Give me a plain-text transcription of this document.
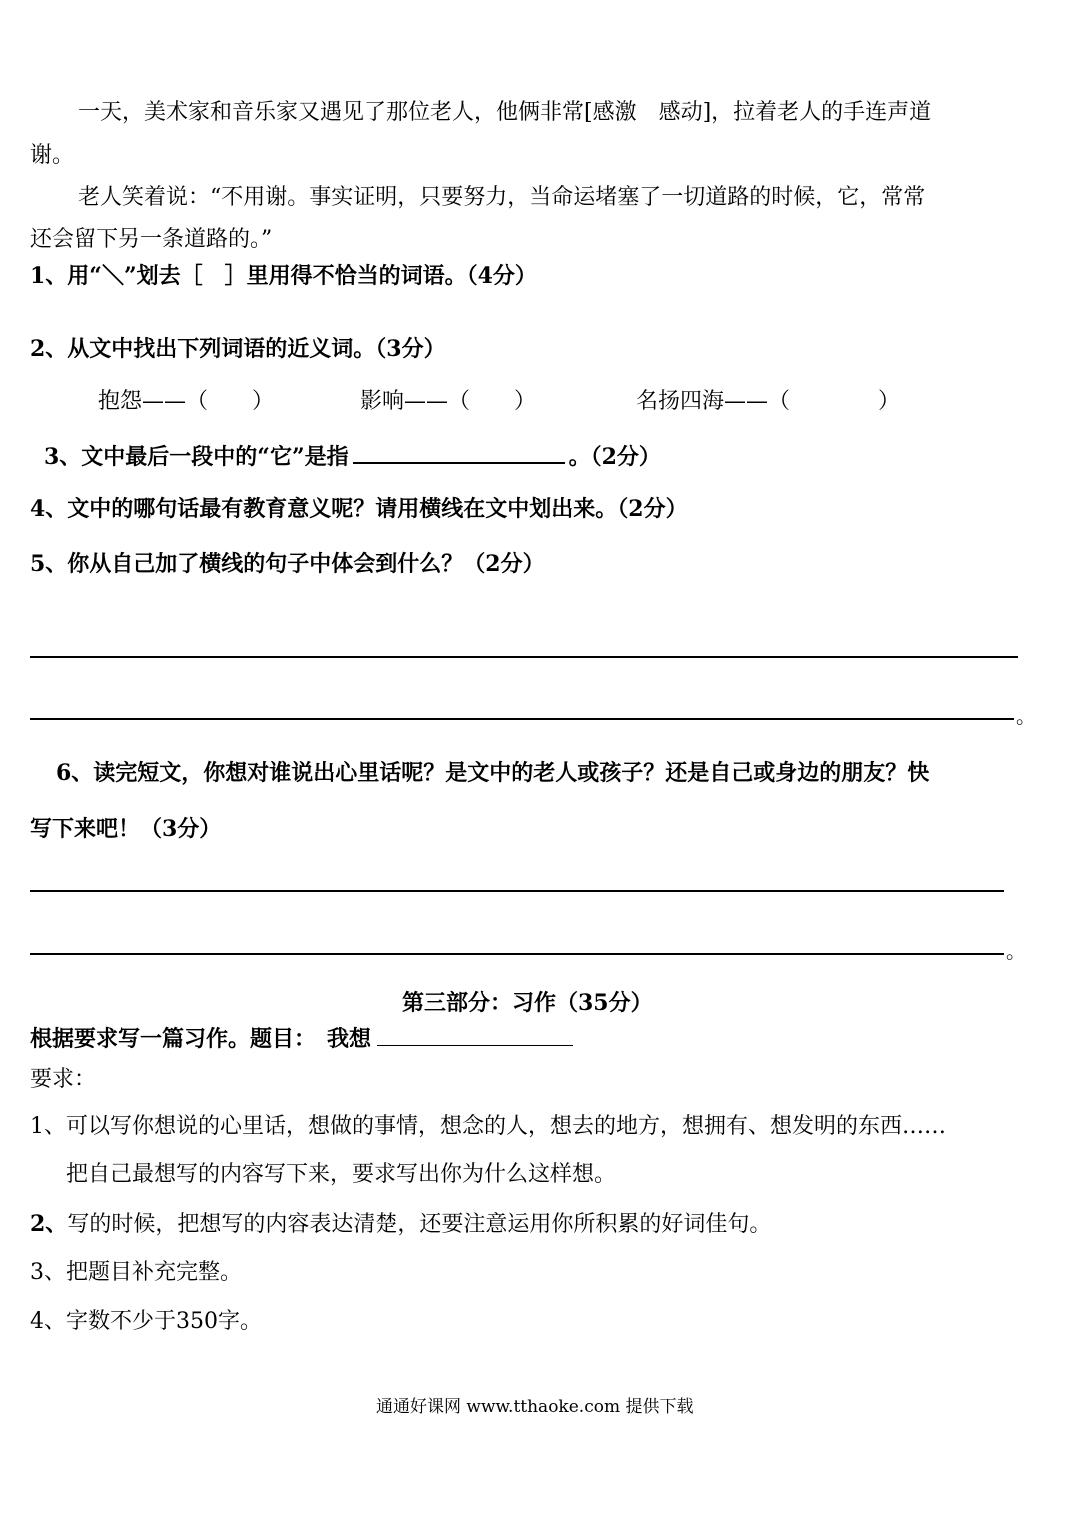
一天，美术家和音乐家又遇见了那位老人，他俩非常[感激　感动]，拉着老人的手连声道
谢。
老人笑着说：“不用谢。事实证明，只要努力，当命运堵塞了一切道路的时候，它，常常
还会留下另一条道路的。”
1、用“＼”划去［　］里用得不恰当的词语。（4分）
2、从文中找出下列词语的近义词。（3分）
抱怨——（　　）	影响——（　　）	名扬四海——（　　　　）
3、文中最后一段中的“它”是指	。（2分）
4、文中的哪句话最有教育意义呢？请用横线在文中划出来。（2分）
5、你从自己加了横线的句子中体会到什么？（2分）
。
6、读完短文，你想对谁说出心里话呢？是文中的老人或孩子？还是自己或身边的朋友？快
写下来吧！（3分）
。
第三部分：习作（35分）
根据要求写一篇习作。题目：　我想
要求：
1、可以写你想说的心里话，想做的事情，想念的人，想去的地方，想拥有、想发明的东西……
把自己最想写的内容写下来，要求写出你为什么这样想。
2、写的时候，把想写的内容表达清楚，还要注意运用你所积累的好词佳句。
3、把题目补充完整。
4、字数不少于350字。
通通好课网 www.tthaoke.com 提供下载
